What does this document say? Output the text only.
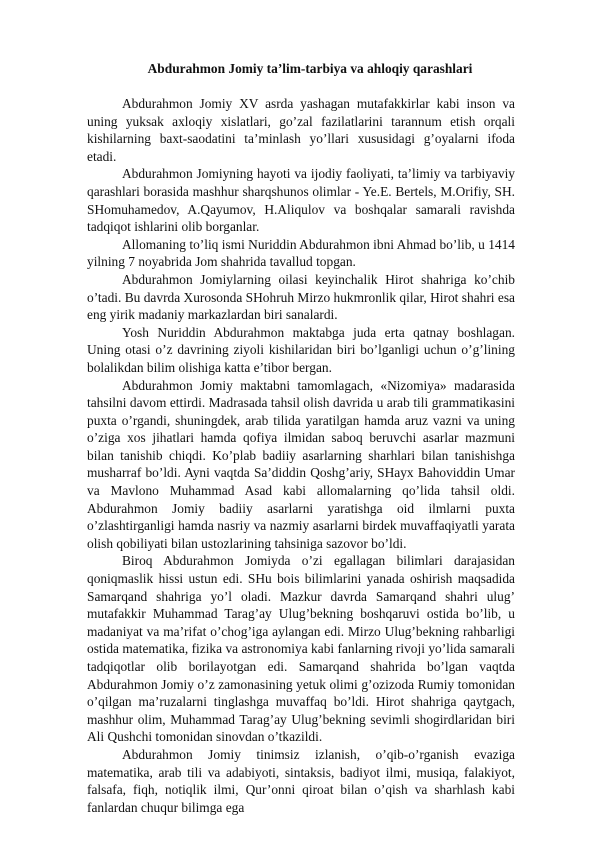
Abdurahmon Jomiy ta’lim-tarbiya va ahloqiy qarashlari

Abdurahmon Jomiy XV asrda yashagan mutafakkirlar kabi inson va uning yuksak axloqiy xislatlari, go’zal fazilatlarini tarannum etish orqali kishilarning baxt-saodatini ta’minlash yo’llari xususidagi g’oyalarni ifoda etadi.

Abdurahmon Jomiyning hayoti va ijodiy faoliyati, ta’limiy va tarbiyaviy qarashlari borasida mashhur sharqshunos olimlar - Ye.E. Bertels, M.Orifiy, SH. SHomuhamedov, A.Qayumov, H.Aliqulov va boshqalar samarali ravishda tadqiqot ishlarini olib borganlar.

Allomaning to’liq ismi Nuriddin Abdurahmon ibni Ahmad bo’lib, u 1414 yilning 7 noyabrida Jom shahrida tavallud topgan.

Abdurahmon Jomiylarning oilasi keyinchalik Hirot shahriga ko’chib o’tadi. Bu davrda Xurosonda SHohruh Mirzo hukmronlik qilar, Hirot shahri esa eng yirik madaniy markazlardan biri sanalardi.

Yosh Nuriddin Abdurahmon maktabga juda erta qatnay boshlagan. Uning otasi o’z davrining ziyoli kishilaridan biri bo’lganligi uchun o’g’lining bolalikdan bilim olishiga katta e’tibor bergan.

Abdurahmon Jomiy maktabni tamomlagach, «Nizomiya» madarasida tahsilni davom ettirdi. Madrasada tahsil olish davrida u arab tili grammatikasini puxta o’rgandi, shuningdek, arab tilida yaratilgan hamda aruz vazni va uning o’ziga xos jihatlari hamda qofiya ilmidan saboq beruvchi asarlar mazmuni bilan tanishib chiqdi. Ko’plab badiiy asarlarning sharhlari bilan tanishishga musharraf bo’ldi. Ayni vaqtda Sa’diddin Qoshg’ariy, SHayx Bahoviddin Umar va Mavlono Muhammad Asad kabi allomalarning qo’lida tahsil oldi. Abdurahmon Jomiy badiiy asarlarni yaratishga oid ilmlarni puxta o’zlashtirganligi hamda nasriy va nazmiy asarlarni birdek muvaffaqiyatli yarata olish qobiliyati bilan ustozlarining tahsiniga sazovor bo’ldi.

Biroq Abdurahmon Jomiyda o’zi egallagan bilimlari darajasidan qoniqmaslik hissi ustun edi. SHu bois bilimlarini yanada oshirish maqsadida Samarqand shahriga yo’l oladi. Mazkur davrda Samarqand shahri ulug’ mutafakkir Muhammad Tarag’ay Ulug’bekning boshqaruvi ostida bo’lib, u madaniyat va ma’rifat o’chog’iga aylangan edi. Mirzo Ulug’bekning rahbarligi ostida matematika, fizika va astronomiya kabi fanlarning rivoji yo’lida samarali tadqiqotlar olib borilayotgan edi. Samarqand shahrida bo’lgan vaqtda Abdurahmon Jomiy o’z zamonasining yetuk olimi g’ozizoda Rumiy tomonidan o’qilgan ma’ruzalarni tinglashga muvaffaq bo’ldi. Hirot shahriga qaytgach, mashhur olim, Muhammad Tarag’ay Ulug’bekning sevimli shogirdlaridan biri Ali Qushchi tomonidan sinovdan o’tkazildi.

Abdurahmon Jomiy tinimsiz izlanish, o’qib-o’rganish evaziga matematika, arab tili va adabiyoti, sintaksis, badiyot ilmi, musiqa, falakiyot, falsafa, fiqh, notiqlik ilmi, Qur’onni qiroat bilan o’qish va sharhlash kabi fanlardan chuqur bilimga ega
